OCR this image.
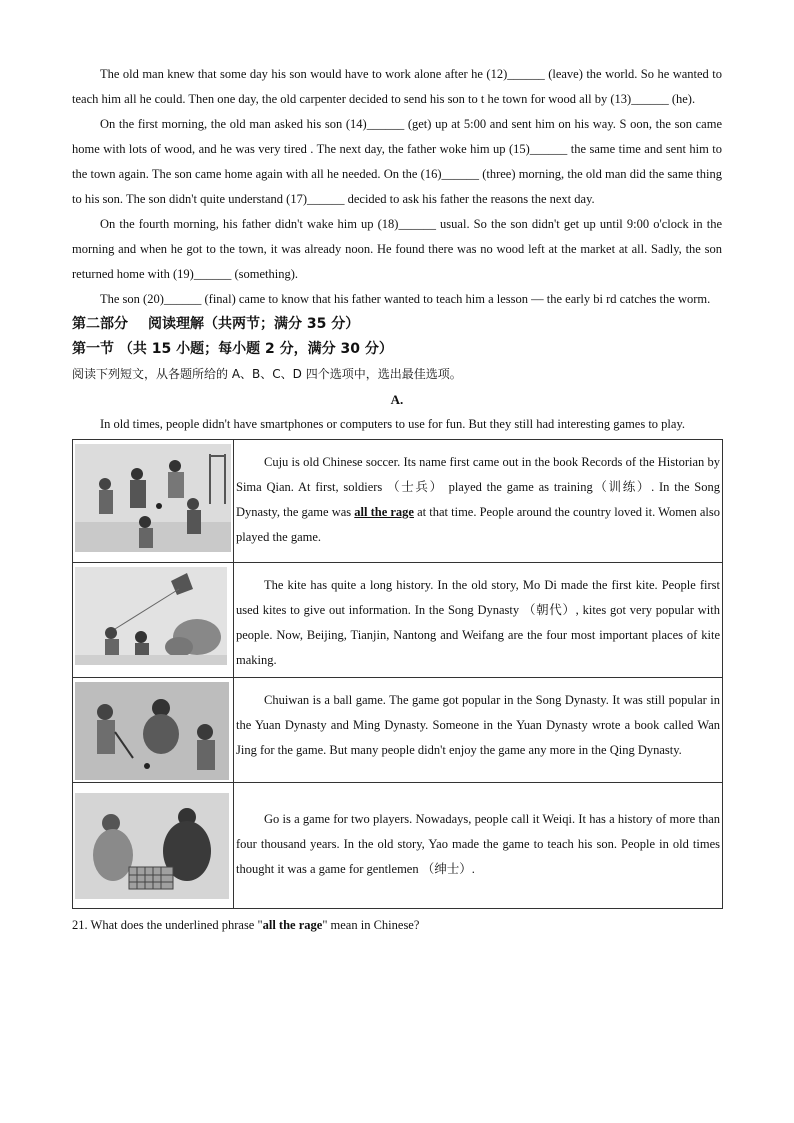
The old man knew that some day his son would have to work alone after he (12)______ (leave) the world. So he wanted to teach him all he could. Then one day, the old carpenter decided to send his son to t he town for wood all by (13)______ (he).

On the first morning, the old man asked his son (14)______ (get) up at 5:00 and sent him on his way. S oon, the son came home with lots of wood, and he was very tired . The next day, the father woke him up (15)______ the same time and sent him to the town again. The son came home again with all he needed. On the (16)______ (three) morning, the old man did the same thing to his son. The son didn't quite understand (17)______ decided to ask his father the reasons the next day.

On the fourth morning, his father didn't wake him up (18)______ usual. So the son didn't get up until 9:00 o'clock in the morning and when he got to the town, it was already noon. He found there was no wood left at the market at all. Sadly, the son returned home with (19)______ (something).

The son (20)______ (final) came to know that his father wanted to teach him a lesson — the early bi rd catches the worm.

第二部分 阅读理解（共两节；满分 35 分）
第一节 （共 15 小题；每小题 2 分，满分 30 分）
阅读下列短文，从各题所给的 A、B、C、D 四个选项中，选出最佳选项。
A.

In old times, people didn't have smartphones or computers to use for fun. But they still had interesting games to play.

Cuju is old Chinese soccer. Its name first came out in the book Records of the Historian by Sima Qian. At first, soldiers （士兵） played the game as training（训练）. In the Song Dynasty, the game was all the rage at that time. People around the country loved it. Women also played the game.

The kite has quite a long history. In the old story, Mo Di made the first kite. People first used kites to give out information. In the Song Dynasty （朝代）, kites got very popular with people. Now, Beijing, Tianjin, Nantong and Weifang are the four most important places of kite making.

Chuiwan is a ball game. The game got popular in the Song Dynasty. It was still popular in the Yuan Dynasty and Ming Dynasty. Someone in the Yuan Dynasty wrote a book called Wan Jing for the game. But many people didn't enjoy the game any more in the Qing Dynasty.

Go is a game for two players. Nowadays, people call it Weiqi. It has a history of more than four thousand years. In the old story, Yao made the game to teach his son. People in old times thought it was a game for gentlemen （绅士）.

21. What does the underlined phrase "all the rage" mean in Chinese?
